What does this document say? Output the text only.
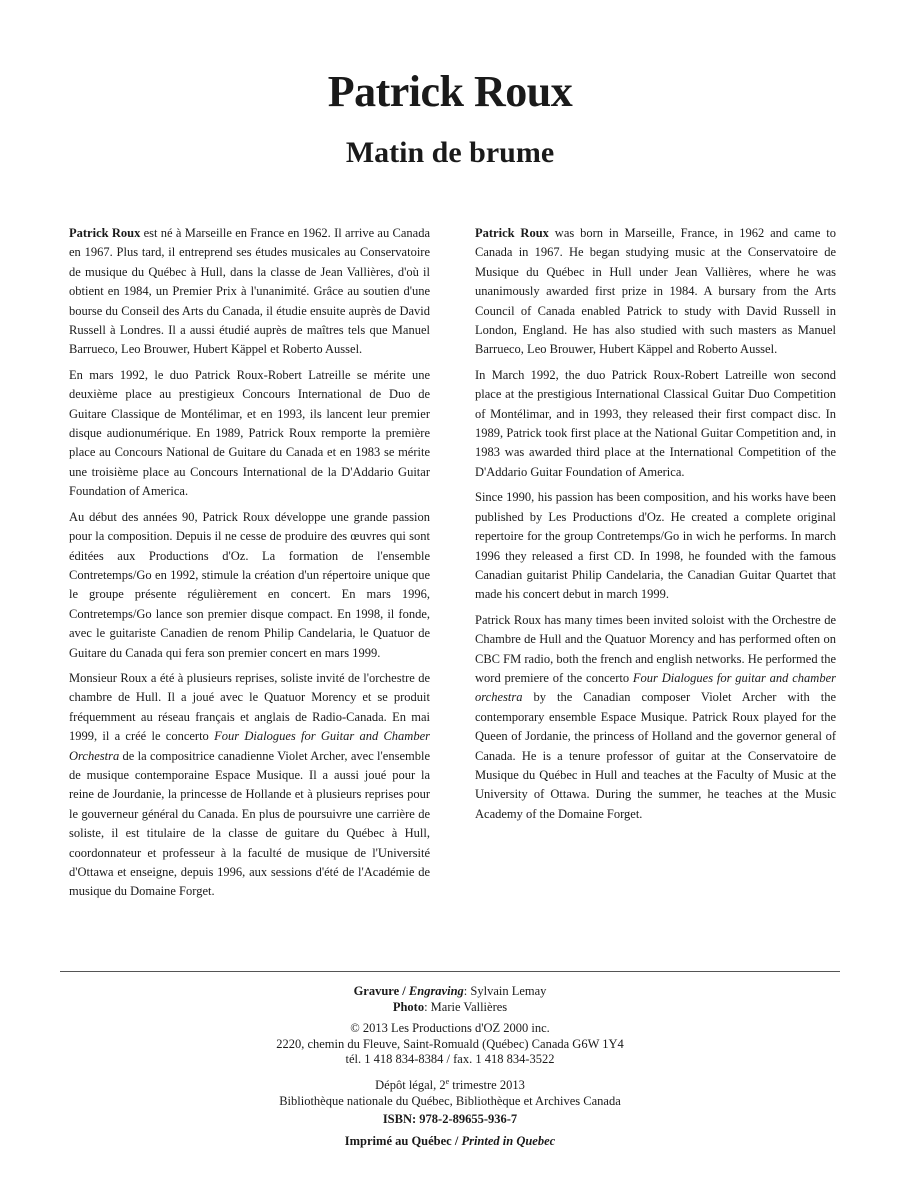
Patrick Roux
Matin de brume

Patrick Roux est né à Marseille en France en 1962. Il arrive au Canada en 1967. Plus tard, il entreprend ses études musicales au Conservatoire de musique du Québec à Hull, dans la classe de Jean Vallières, d'où il obtient en 1984, un Premier Prix à l'unanimité. Grâce au soutien d'une bourse du Conseil des Arts du Canada, il étudie ensuite auprès de David Russell à Londres. Il a aussi étudié auprès de maîtres tels que Manuel Barrueco, Leo Brouwer, Hubert Käppel et Roberto Aussel.

En mars 1992, le duo Patrick Roux-Robert Latreille se mérite une deuxième place au prestigieux Concours International de Duo de Guitare Classique de Montélimar, et en 1993, ils lancent leur premier disque audionumérique. En 1989, Patrick Roux remporte la première place au Concours National de Guitare du Canada et en 1983 se mérite une troisième place au Concours International de la D'Addario Guitar Foundation of America.

Au début des années 90, Patrick Roux développe une grande passion pour la composition. Depuis il ne cesse de produire des œuvres qui sont éditées aux Productions d'Oz. La formation de l'ensemble Contretemps/Go en 1992, stimule la création d'un répertoire unique que le groupe présente régulièrement en concert. En mars 1996, Contretemps/Go lance son premier disque compact. En 1998, il fonde, avec le guitariste Canadien de renom Philip Candelaria, le Quatuor de Guitare du Canada qui fera son premier concert en mars 1999.

Monsieur Roux a été à plusieurs reprises, soliste invité de l'orchestre de chambre de Hull. Il a joué avec le Quatuor Morency et se produit fréquemment au réseau français et anglais de Radio-Canada. En mai 1999, il a créé le concerto Four Dialogues for Guitar and Chamber Orchestra de la compositrice canadienne Violet Archer, avec l'ensemble de musique contemporaine Espace Musique. Il a aussi joué pour la reine de Jourdanie, la princesse de Hollande et à plusieurs reprises pour le gouverneur général du Canada. En plus de poursuivre une carrière de soliste, il est titulaire de la classe de guitare du Québec à Hull, coordonnateur et professeur à la faculté de musique de l'Université d'Ottawa et enseigne, depuis 1996, aux sessions d'été de l'Académie de musique du Domaine Forget.

Patrick Roux was born in Marseille, France, in 1962 and came to Canada in 1967. He began studying music at the Conservatoire de Musique du Québec in Hull under Jean Vallières, where he was unanimously awarded first prize in 1984. A bursary from the Arts Council of Canada enabled Patrick to study with David Russell in London, England. He has also studied with such masters as Manuel Barrueco, Leo Brouwer, Hubert Käppel and Roberto Aussel.

In March 1992, the duo Patrick Roux-Robert Latreille won second place at the prestigious International Classical Guitar Duo Competition of Montélimar, and in 1993, they released their first compact disc. In 1989, Patrick took first place at the National Guitar Competition and, in 1983 was awarded third place at the International Competition of the D'Addario Guitar Foundation of America.

Since 1990, his passion has been composition, and his works have been published by Les Productions d'Oz. He created a complete original repertoire for the group Contretemps/Go in wich he performs. In march 1996 they released a first CD. In 1998, he founded with the famous Canadian guitarist Philip Candelaria, the Canadian Guitar Quartet that made his concert debut in march 1999.

Patrick Roux has many times been invited soloist with the Orchestre de Chambre de Hull and the Quatuor Morency and has performed often on CBC FM radio, both the french and english networks. He performed the word premiere of the concerto Four Dialogues for guitar and chamber orchestra by the Canadian composer Violet Archer with the contemporary ensemble Espace Musique. Patrick Roux played for the Queen of Jordanie, the princess of Holland and the governor general of Canada. He is a tenure professor of guitar at the Conservatoire de Musique du Québec in Hull and teaches at the Faculty of Music at the University of Ottawa. During the summer, he teaches at the Music Academy of the Domaine Forget.

Gravure / Engraving: Sylvain Lemay
Photo: Marie Vallières
© 2013 Les Productions d'OZ 2000 inc.
2220, chemin du Fleuve, Saint-Romuald (Québec) Canada G6W 1Y4
tél. 1 418 834-8384 / fax. 1 418 834-3522
Dépôt légal, 2e trimestre 2013
Bibliothèque nationale du Québec, Bibliothèque et Archives Canada
ISBN: 978-2-89655-936-7
Imprimé au Québec / Printed in Quebec
